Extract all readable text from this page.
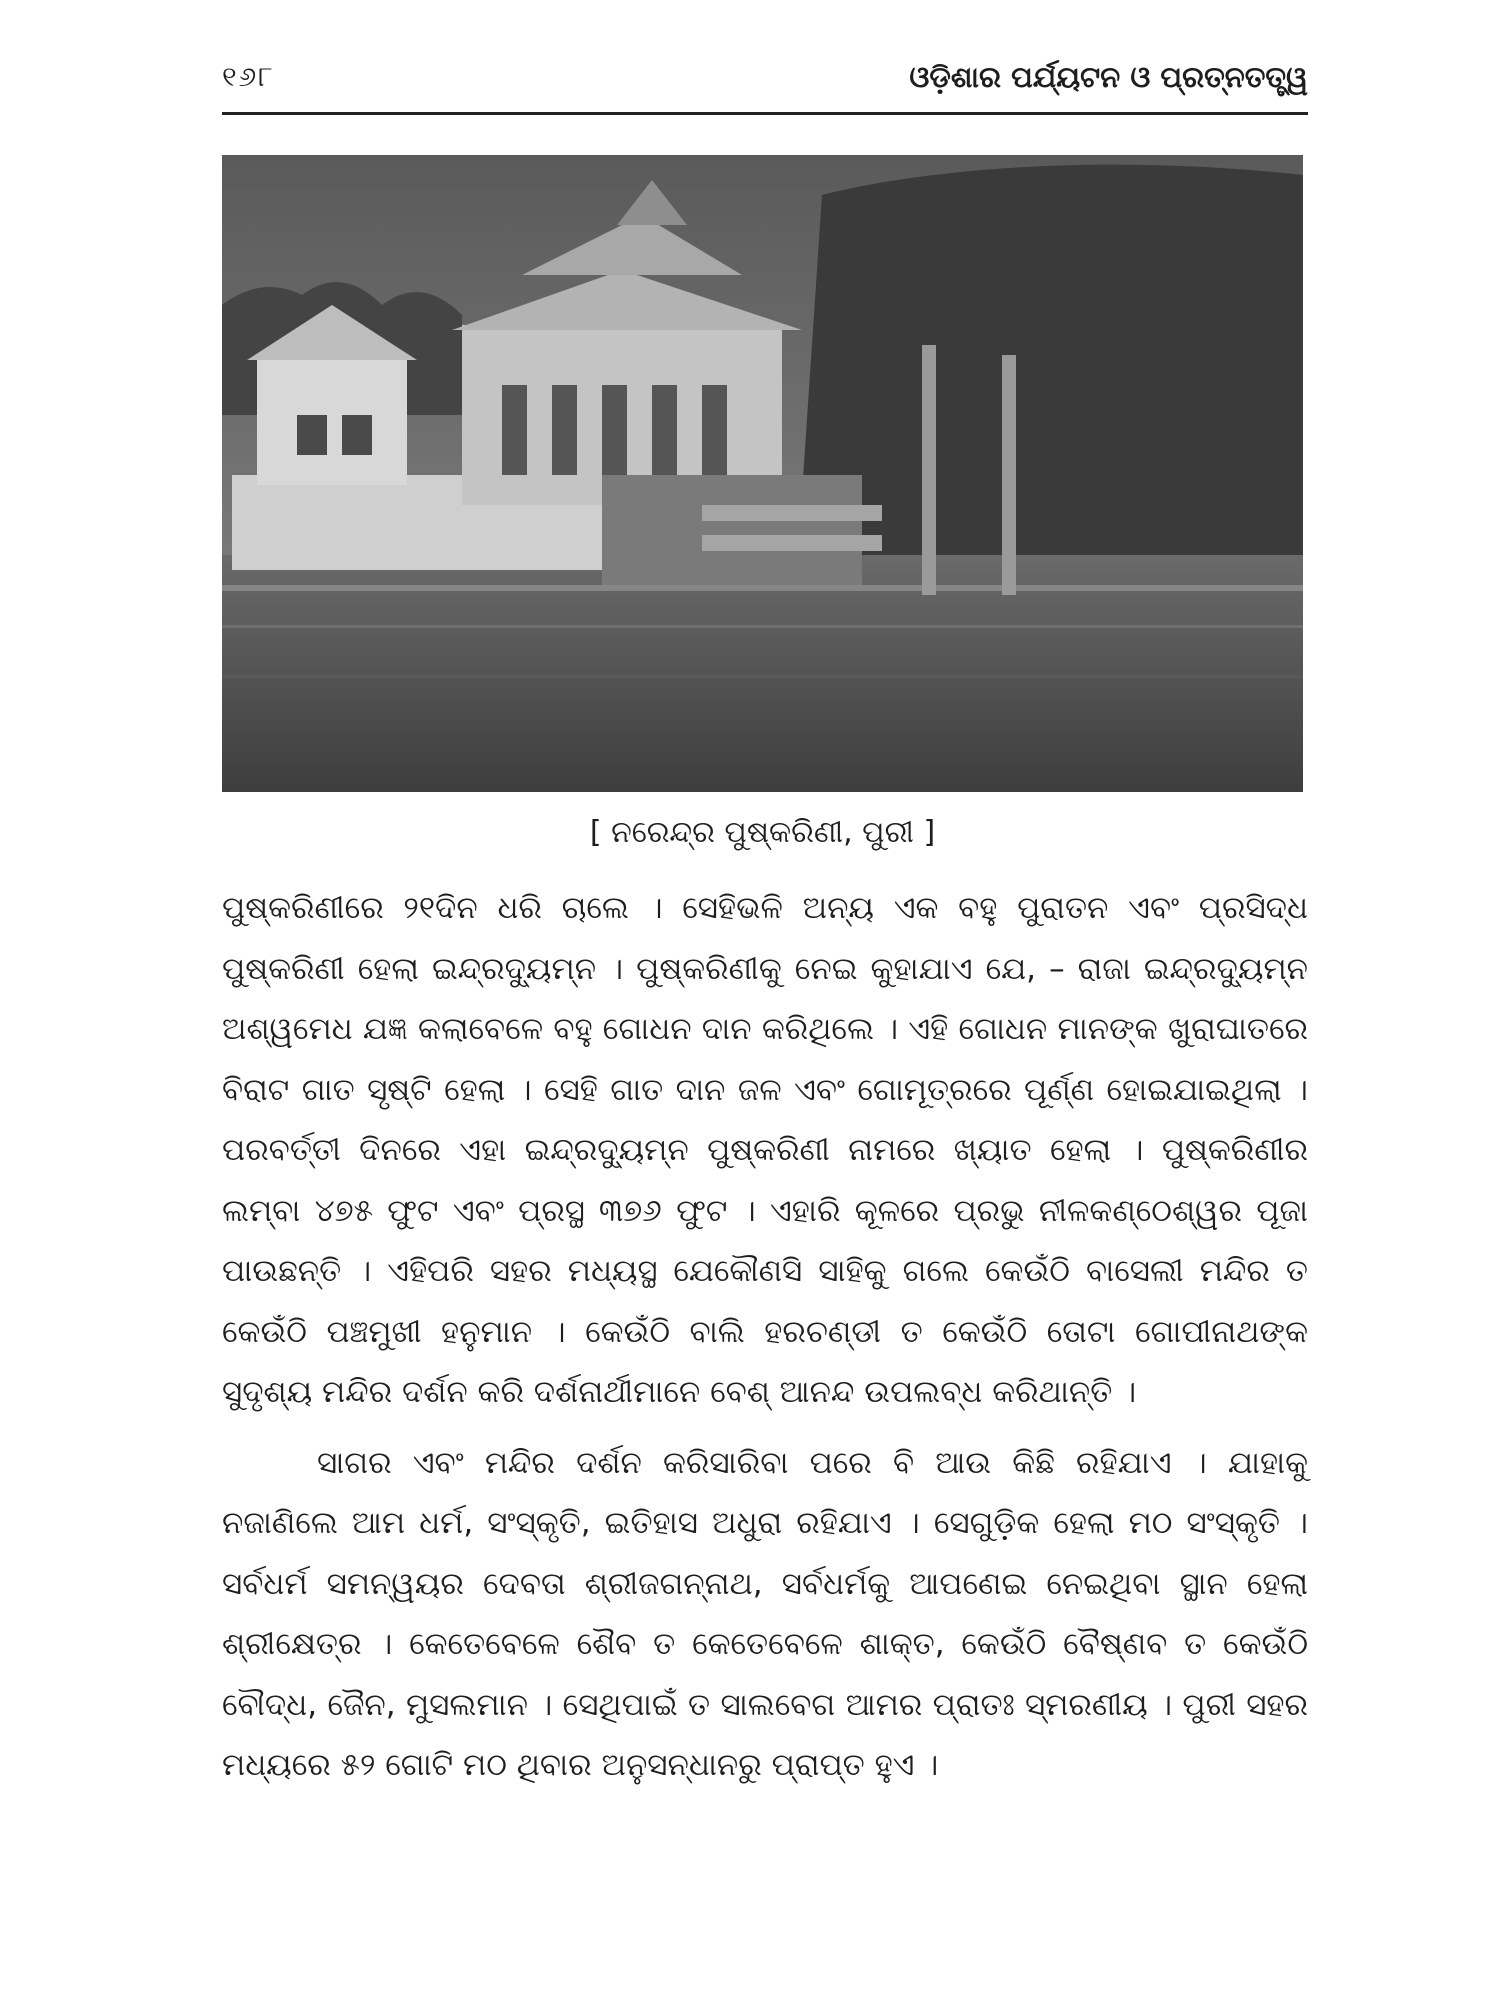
୧୬୮	ଓଡ଼ିଶାର ପର୍ଯ୍ୟଟନ ଓ ପ୍ରତ୍ନତତ୍ତ୍ୱ
[ ନରେନ୍ଦ୍ର ପୁଷ୍କରିଣୀ, ପୁରୀ ]

ପୁଷ୍କରିଣୀରେ ୨୧ଦିନ ଧରି ଚାଲେ । ସେହିଭଳି ଅନ୍ୟ ଏକ ବହୁ ପୁରାତନ ଏବଂ ପ୍ରସିଦ୍ଧ ପୁଷ୍କରିଣୀ ହେଲା ଇନ୍ଦ୍ରଦ୍ୟୁମ୍ନ । ପୁଷ୍କରିଣୀକୁ ନେଇ କୁହାଯାଏ ଯେ, – ରାଜା ଇନ୍ଦ୍ରଦ୍ୟୁମ୍ନ ଅଶ୍ୱମେଧ ଯଜ୍ଞ କଲାବେଳେ ବହୁ ଗୋଧନ ଦାନ କରିଥିଲେ । ଏହି ଗୋଧନ ମାନଙ୍କ ଖୁରାଘାତରେ ବିରାଟ ଗାତ ସୃଷ୍ଟି ହେଲା । ସେହି ଗାତ ଦାନ ଜଳ ଏବଂ ଗୋମୂତ୍ରରେ ପୂର୍ଣ୍ଣ ହୋଇଯାଇଥିଲା । ପରବର୍ତ୍ତୀ ଦିନରେ ଏହା ଇନ୍ଦ୍ରଦ୍ୟୁମ୍ନ ପୁଷ୍କରିଣୀ ନାମରେ ଖ୍ୟାତ ହେଲା । ପୁଷ୍କରିଣୀର ଲମ୍ବା ୪୭୫ ଫୁଟ ଏବଂ ପ୍ରସ୍ଥ ୩୭୬ ଫୁଟ । ଏହାରି କୂଳରେ ପ୍ରଭୁ ନୀଳକଣ୍ଠେଶ୍ୱର ପୂଜା ପାଉଛନ୍ତି । ଏହିପରି ସହର ମଧ୍ୟସ୍ଥ ଯେକୌଣସି ସାହିକୁ ଗଲେ କେଉଁଠି ବାସେଲୀ ମନ୍ଦିର ତ କେଉଁଠି ପଞ୍ଚମୁଖୀ ହନୁମାନ । କେଉଁଠି ବାଲି ହରଚଣ୍ଡୀ ତ କେଉଁଠି ତୋଟା ଗୋପୀନାଥଙ୍କ ସୁଦୃଶ୍ୟ ମନ୍ଦିର ଦର୍ଶନ କରି ଦର୍ଶନାର୍ଥୀମାନେ ବେଶ୍ ଆନନ୍ଦ ଉପଲବ୍ଧ କରିଥାନ୍ତି ।

ସାଗର ଏବଂ ମନ୍ଦିର ଦର୍ଶନ କରିସାରିବା ପରେ ବି ଆଉ କିଛି ରହିଯାଏ । ଯାହାକୁ ନଜାଣିଲେ ଆମ ଧର୍ମ, ସଂସ୍କୃତି, ଇତିହାସ ଅଧୁରା ରହିଯାଏ । ସେଗୁଡ଼ିକ ହେଲା ମଠ ସଂସ୍କୃତି । ସର୍ବଧର୍ମ ସମନ୍ୱୟର ଦେବତା ଶ୍ରୀଜଗନ୍ନାଥ, ସର୍ବଧର୍ମକୁ ଆପଣେଇ ନେଇଥିବା ସ୍ଥାନ ହେଲା ଶ୍ରୀକ୍ଷେତ୍ର । କେତେବେଳେ ଶୈବ ତ କେତେବେଳେ ଶାକ୍ତ, କେଉଁଠି ବୈଷ୍ଣବ ତ କେଉଁଠି ବୌଦ୍ଧ, ଜୈନ, ମୁସଲମାନ । ସେଥିପାଇଁ ତ ସାଲବେଗ ଆମର ପ୍ରାତଃ ସ୍ମରଣୀୟ । ପୁରୀ ସହର ମଧ୍ୟରେ ୫୨ ଗୋଟି ମଠ ଥିବାର ଅନୁସନ୍ଧାନରୁ ପ୍ରାପ୍ତ ହୁଏ ।
